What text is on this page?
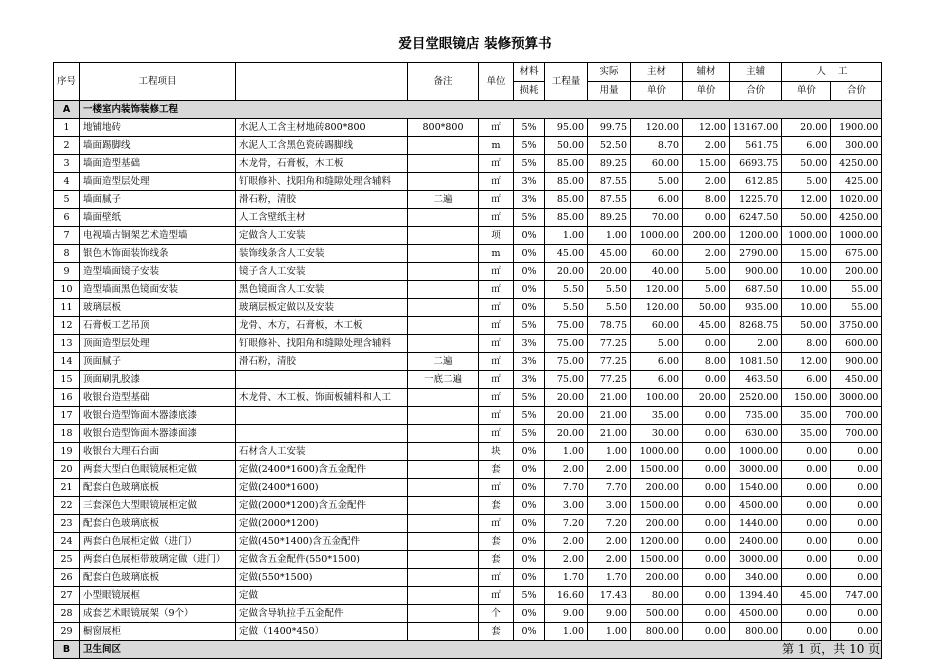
爱目堂眼镜店 装修预算书
序号	工程项目		备注	单位	材料	工程量	实际	主材	辅材	主辅	人    工	
					损耗		用量	单价	单价	合价	单价	合价
A	一楼室内装饰装修工程											
1	地铺地砖	水泥人工含主材地砖800*800	800*800	㎡	5%	95.00	99.75	120.00	12.00	13167.00	20.00	1900.00
2	墙面踢脚线	水泥人工含黑色瓷砖踢脚线		m	5%	50.00	52.50	8.70	2.00	561.75	6.00	300.00
3	墙面造型基础	木龙骨，石膏板，木工板		㎡	5%	85.00	89.25	60.00	15.00	6693.75	50.00	4250.00
4	墙面造型层处理	钉眼修补、找阳角和缝隙处理含辅料		㎡	3%	85.00	87.55	5.00	2.00	612.85	5.00	425.00
5	墙面腻子	滑石粉，清胶	二遍	㎡	3%	85.00	87.55	6.00	8.00	1225.70	12.00	1020.00
6	墙面壁纸	人工含壁纸主材		㎡	5%	85.00	89.25	70.00	0.00	6247.50	50.00	4250.00
7	电视墙古铜架艺术造型墙	定做含人工安装		项	0%	1.00	1.00	1000.00	200.00	1200.00	1000.00	1000.00
8	银色木饰面装饰线条	装饰线条含人工安装		m	0%	45.00	45.00	60.00	2.00	2790.00	15.00	675.00
9	造型墙面镜子安装	镜子含人工安装		㎡	0%	20.00	20.00	40.00	5.00	900.00	10.00	200.00
10	造型墙面黑色镜面安装	黑色镜面含人工安装		㎡	0%	5.50	5.50	120.00	5.00	687.50	10.00	55.00
11	玻璃层板	玻璃层板定做以及安装		㎡	0%	5.50	5.50	120.00	50.00	935.00	10.00	55.00
12	石膏板工艺吊顶	龙骨、木方，石膏板，木工板		㎡	5%	75.00	78.75	60.00	45.00	8268.75	50.00	3750.00
13	顶面造型层处理	钉眼修补、找阳角和缝隙处理含辅料		㎡	3%	75.00	77.25	5.00	0.00	2.00	8.00	600.00
14	顶面腻子	滑石粉，清胶	二遍	㎡	3%	75.00	77.25	6.00	8.00	1081.50	12.00	900.00
15	顶面刷乳胶漆		一底二遍	㎡	3%	75.00	77.25	6.00	0.00	463.50	6.00	450.00
16	收银台造型基础	木龙骨、木工板、饰面板辅料和人工		㎡	5%	20.00	21.00	100.00	20.00	2520.00	150.00	3000.00
17	收银台造型饰面木器漆底漆			㎡	5%	20.00	21.00	35.00	0.00	735.00	35.00	700.00
18	收银台造型饰面木器漆面漆			㎡	5%	20.00	21.00	30.00	0.00	630.00	35.00	700.00
19	收银台大理石台面	石材含人工安装		块	0%	1.00	1.00	1000.00	0.00	1000.00	0.00	0.00
20	两套大型白色眼镜展柜定做	定做(2400*1600)含五金配件		套	0%	2.00	2.00	1500.00	0.00	3000.00	0.00	0.00
21	配套白色玻璃底板	定做(2400*1600)		㎡	0%	7.70	7.70	200.00	0.00	1540.00	0.00	0.00
22	三套深色大型眼镜展柜定做	定做(2000*1200)含五金配件		套	0%	3.00	3.00	1500.00	0.00	4500.00	0.00	0.00
23	配套白色玻璃底板	定做(2000*1200)		㎡	0%	7.20	7.20	200.00	0.00	1440.00	0.00	0.00
24	两套白色展柜定做（进门）	定做(450*1400)含五金配件		套	0%	2.00	2.00	1200.00	0.00	2400.00	0.00	0.00
25	两套白色展柜带玻璃定做（进门）	定做含五金配件(550*1500)		套	0%	2.00	2.00	1500.00	0.00	3000.00	0.00	0.00
26	配套白色玻璃底板	定做(550*1500)		㎡	0%	1.70	1.70	200.00	0.00	340.00	0.00	0.00
27	小型眼镜展框	定做		㎡	5%	16.60	17.43	80.00	0.00	1394.40	45.00	747.00
28	成套艺术眼镜展架（9个）	定做含导轨拉手五金配件		个	0%	9.00	9.00	500.00	0.00	4500.00	0.00	0.00
29	橱窗展柜	定做（1400*450）		套	0%	1.00	1.00	800.00	0.00	800.00	0.00	0.00
B	卫生间区												第 1 页，共 10 页
